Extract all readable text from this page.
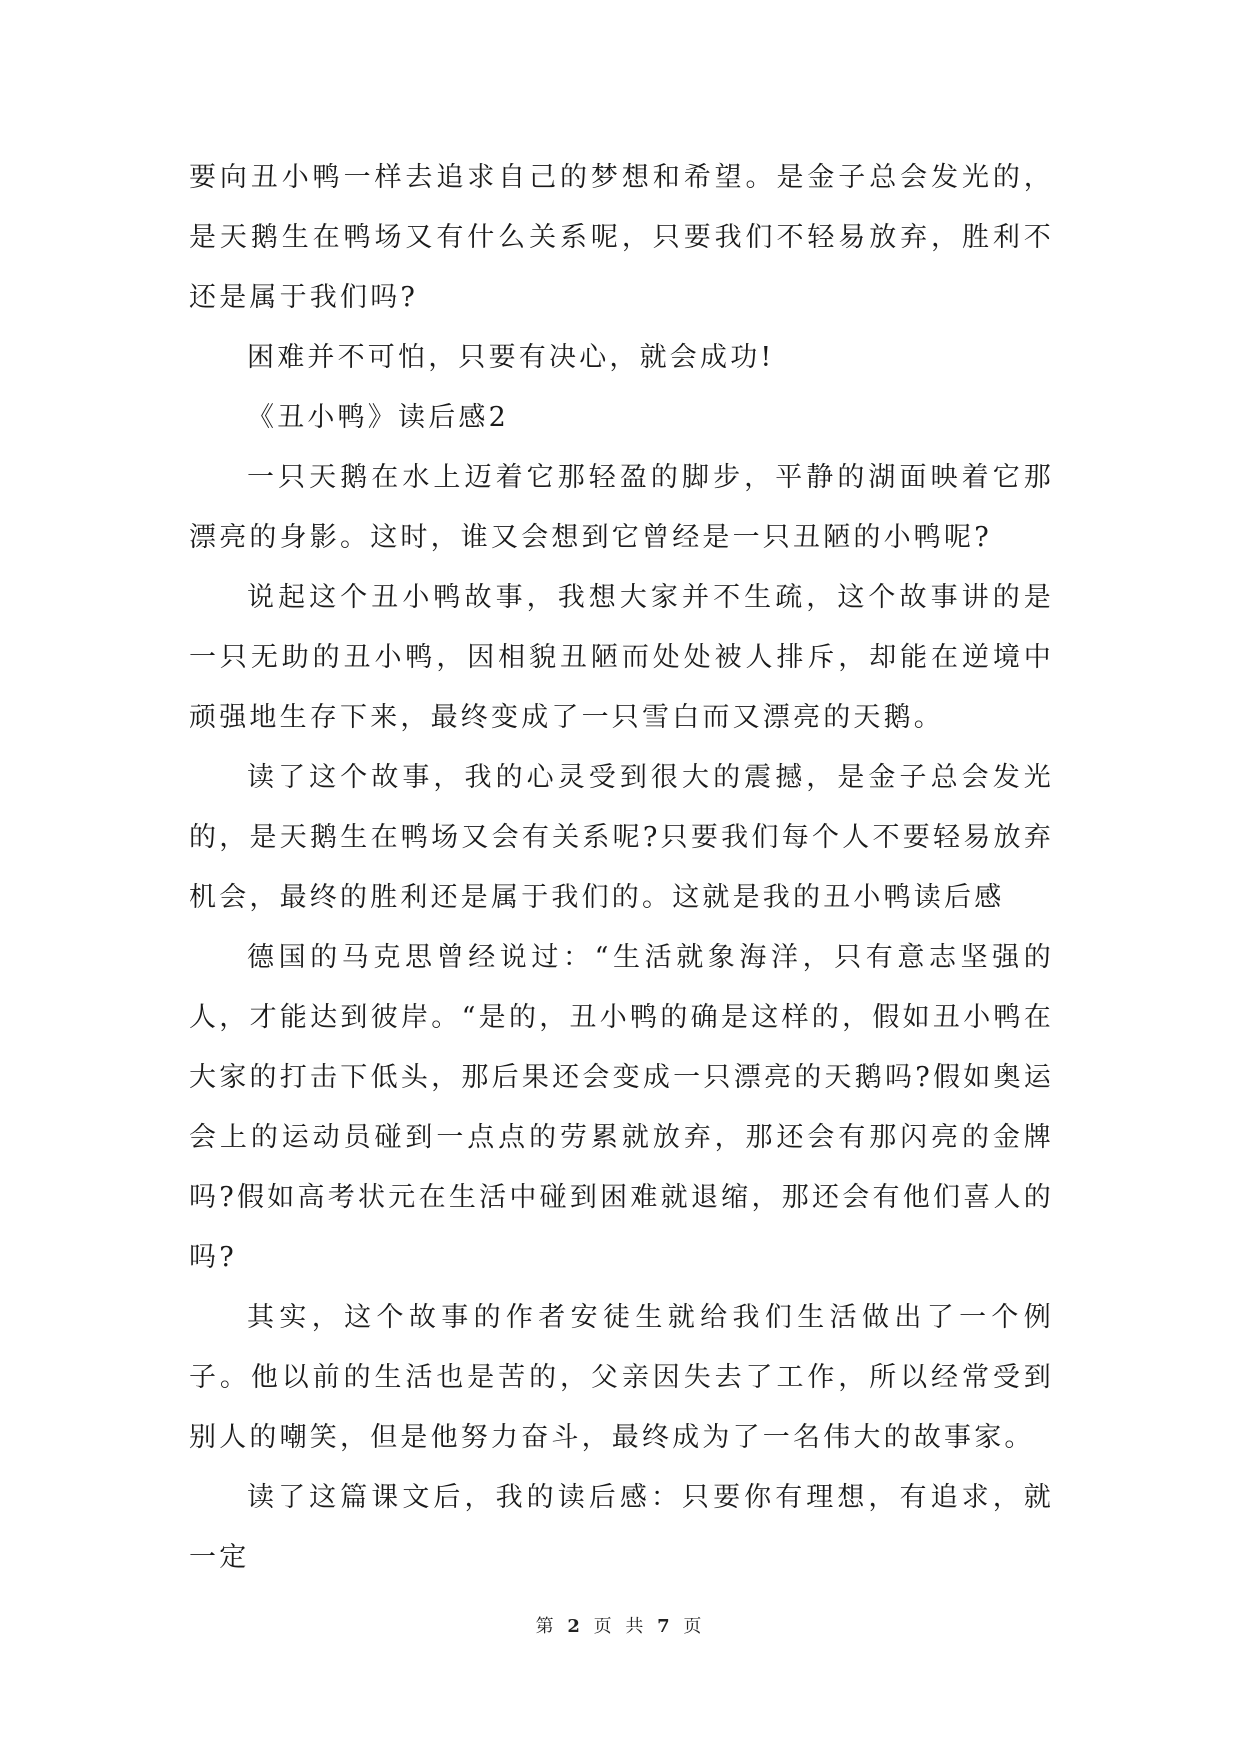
要向丑小鸭一样去追求自己的梦想和希望。是金子总会发光的，是天鹅生在鸭场又有什么关系呢，只要我们不轻易放弃，胜利不还是属于我们吗?

困难并不可怕，只要有决心，就会成功!

《丑小鸭》读后感2

一只天鹅在水上迈着它那轻盈的脚步，平静的湖面映着它那漂亮的身影。这时，谁又会想到它曾经是一只丑陋的小鸭呢?

说起这个丑小鸭故事，我想大家并不生疏，这个故事讲的是一只无助的丑小鸭，因相貌丑陋而处处被人排斥，却能在逆境中顽强地生存下来，最终变成了一只雪白而又漂亮的天鹅。

读了这个故事，我的心灵受到很大的震撼，是金子总会发光的，是天鹅生在鸭场又会有关系呢?只要我们每个人不要轻易放弃机会，最终的胜利还是属于我们的。这就是我的丑小鸭读后感

德国的马克思曾经说过：“生活就象海洋，只有意志坚强的人，才能达到彼岸。“是的，丑小鸭的确是这样的，假如丑小鸭在大家的打击下低头，那后果还会变成一只漂亮的天鹅吗?假如奥运会上的运动员碰到一点点的劳累就放弃，那还会有那闪亮的金牌吗?假如高考状元在生活中碰到困难就退缩，那还会有他们喜人的吗?

其实，这个故事的作者安徒生就给我们生活做出了一个例子。他以前的生活也是苦的，父亲因失去了工作，所以经常受到别人的嘲笑，但是他努力奋斗，最终成为了一名伟大的故事家。

读了这篇课文后，我的读后感：只要你有理想，有追求，就一定

第 2 页 共 7 页
